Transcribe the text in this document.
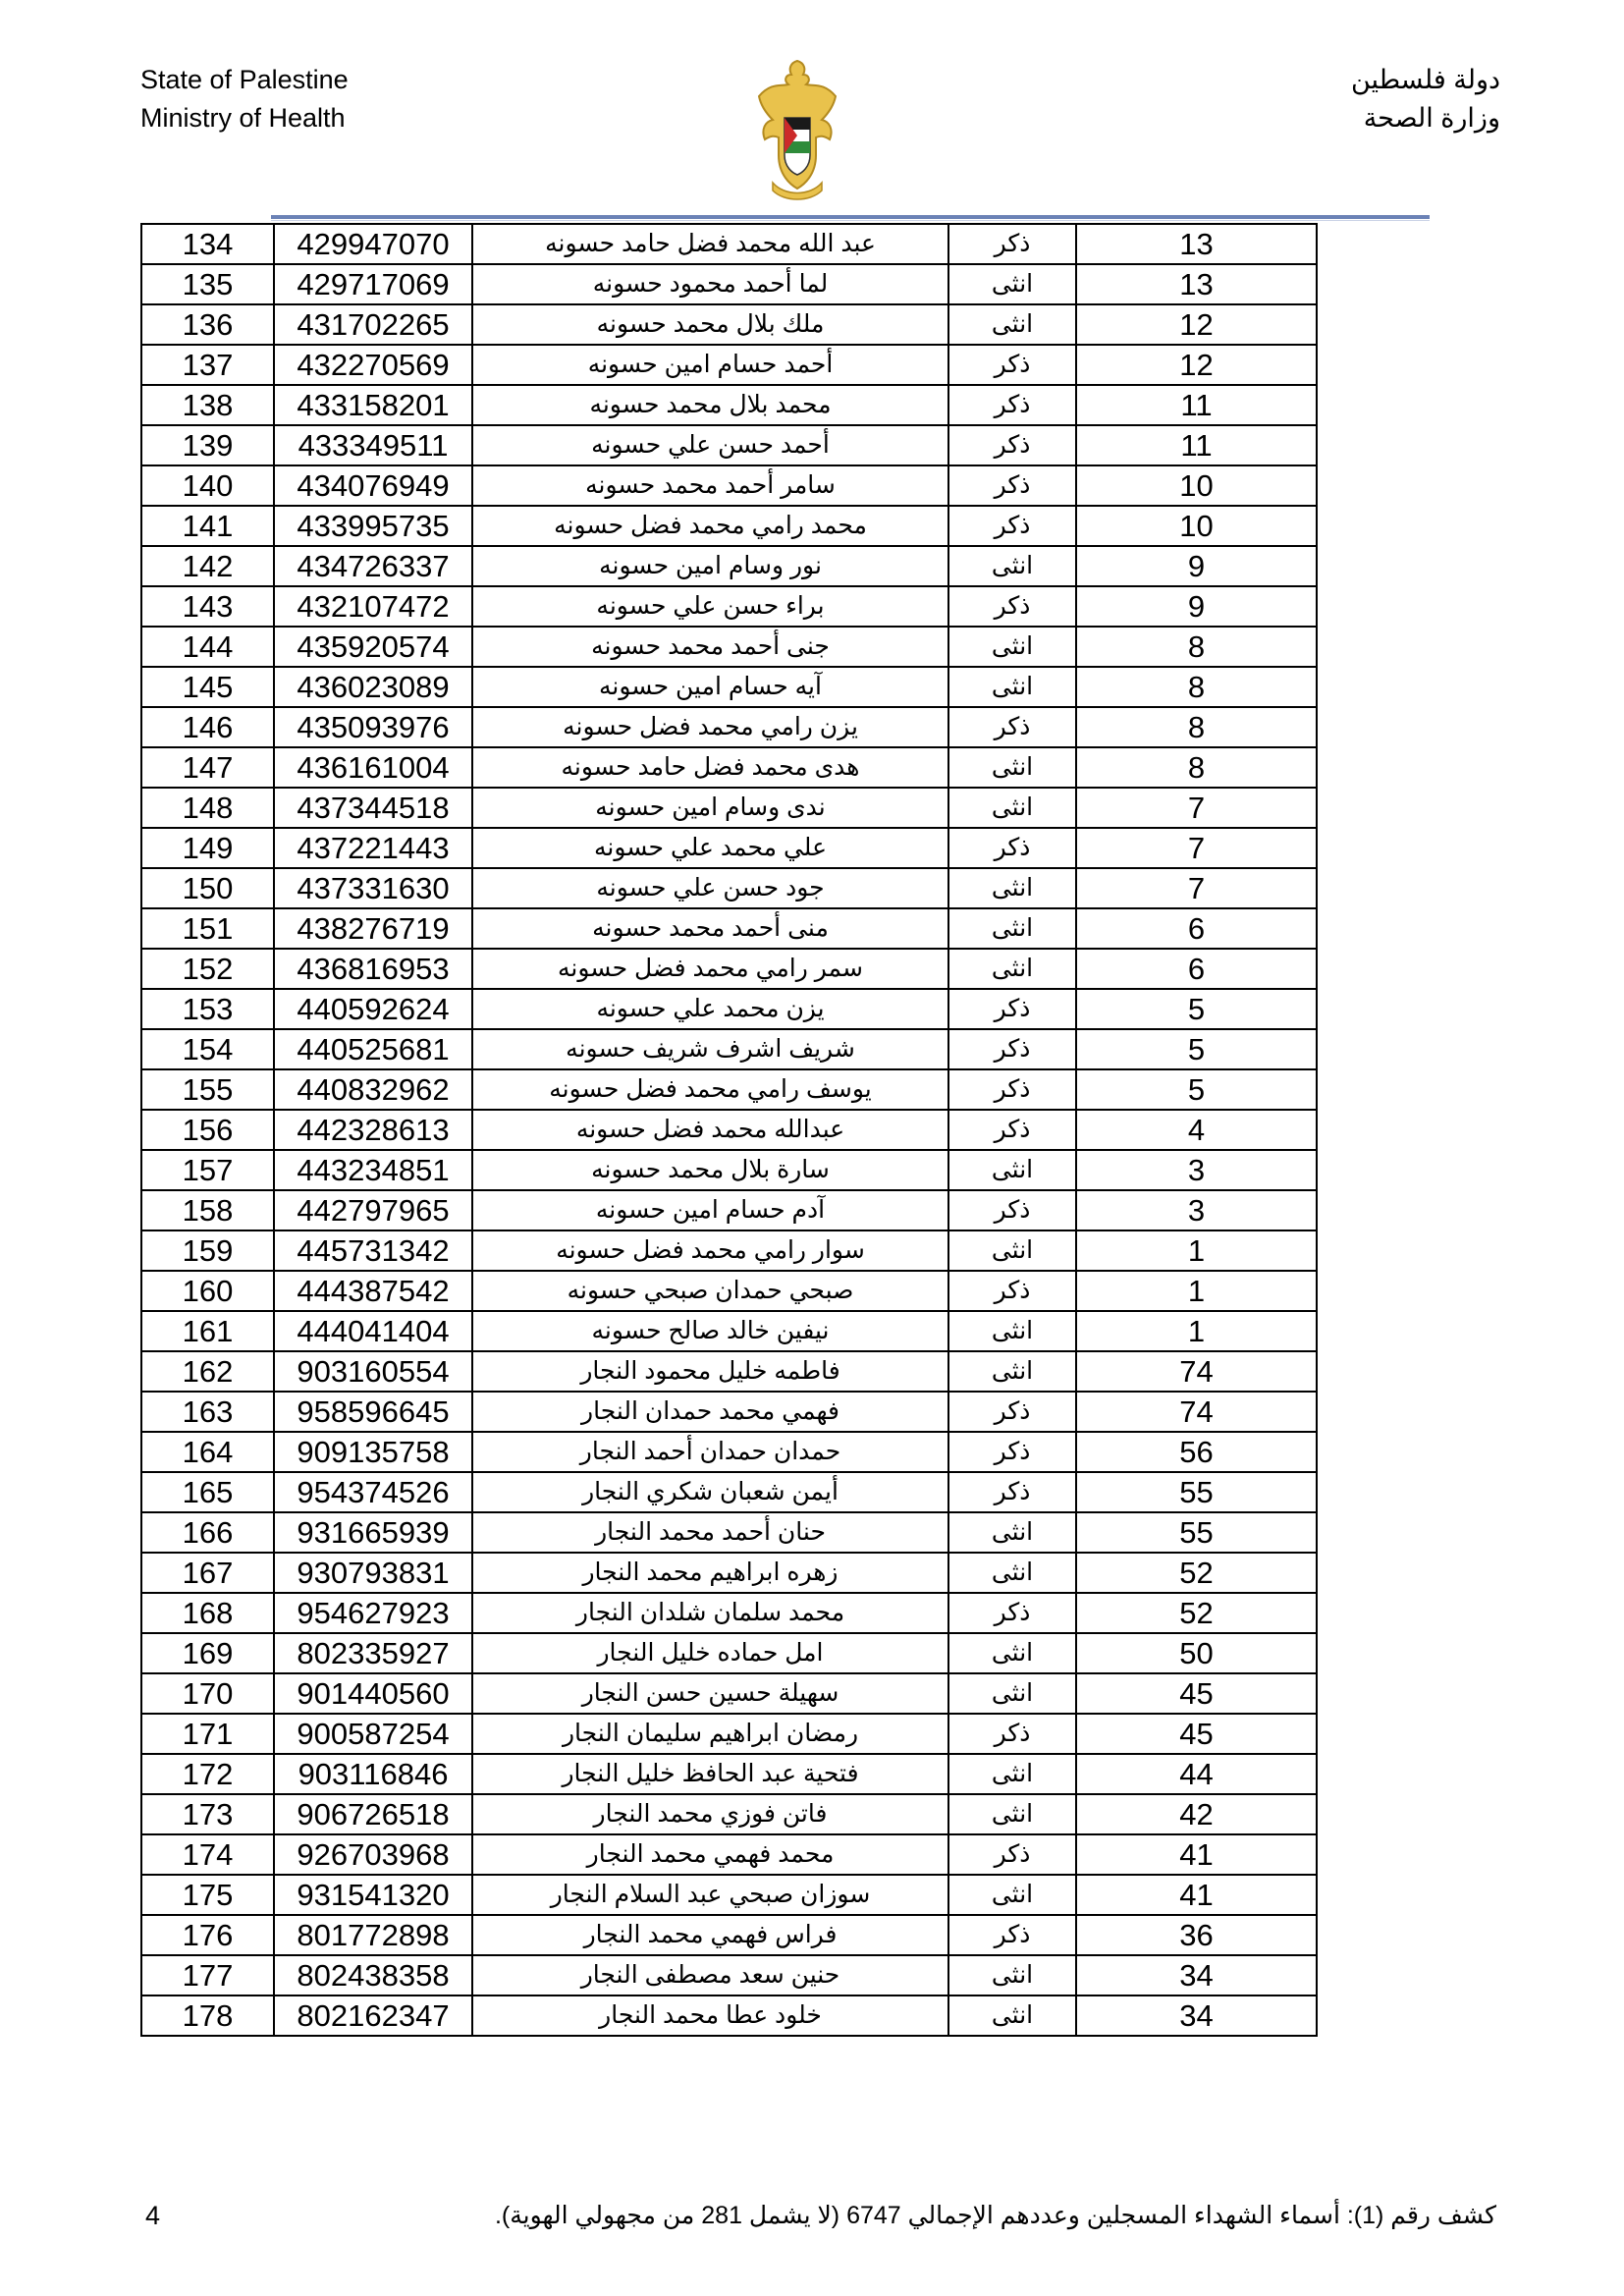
State of Palestine
Ministry of Health
دولة فلسطين
وزارة الصحة
134	429947070	عبد الله محمد فضل حامد حسونه	ذكر	13
135	429717069	لما أحمد محمود حسونه	انثى	13
136	431702265	ملك بلال محمد حسونه	انثى	12
137	432270569	أحمد حسام امين حسونه	ذكر	12
138	433158201	محمد بلال محمد حسونه	ذكر	11
139	433349511	أحمد حسن علي حسونه	ذكر	11
140	434076949	سامر أحمد محمد حسونه	ذكر	10
141	433995735	محمد رامي محمد فضل حسونه	ذكر	10
142	434726337	نور وسام امين حسونه	انثى	9
143	432107472	براء حسن علي حسونه	ذكر	9
144	435920574	جنى أحمد محمد حسونه	انثى	8
145	436023089	آيه حسام امين حسونه	انثى	8
146	435093976	يزن رامي محمد فضل حسونه	ذكر	8
147	436161004	هدى محمد فضل حامد حسونه	انثى	8
148	437344518	ندى وسام امين حسونه	انثى	7
149	437221443	علي محمد علي حسونه	ذكر	7
150	437331630	جود حسن علي حسونه	انثى	7
151	438276719	منى أحمد محمد حسونه	انثى	6
152	436816953	سمر رامي محمد فضل حسونه	انثى	6
153	440592624	يزن محمد علي حسونه	ذكر	5
154	440525681	شريف اشرف شريف حسونه	ذكر	5
155	440832962	يوسف رامي محمد فضل حسونه	ذكر	5
156	442328613	عبدالله محمد فضل حسونه	ذكر	4
157	443234851	سارة بلال محمد حسونه	انثى	3
158	442797965	آدم حسام امين حسونه	ذكر	3
159	445731342	سوار رامي محمد فضل حسونه	انثى	1
160	444387542	صبحي حمدان صبحي حسونه	ذكر	1
161	444041404	نيفين خالد صالح حسونه	انثى	1
162	903160554	فاطمه خليل محمود النجار	انثى	74
163	958596645	فهمي محمد حمدان النجار	ذكر	74
164	909135758	حمدان حمدان أحمد النجار	ذكر	56
165	954374526	أيمن شعبان شكري النجار	ذكر	55
166	931665939	حنان أحمد محمد النجار	انثى	55
167	930793831	زهره ابراهيم محمد النجار	انثى	52
168	954627923	محمد سلمان شلدان النجار	ذكر	52
169	802335927	امل حماده خليل النجار	انثى	50
170	901440560	سهيلة حسين حسن النجار	انثى	45
171	900587254	رمضان ابراهيم سليمان النجار	ذكر	45
172	903116846	فتحية عبد الحافظ خليل النجار	انثى	44
173	906726518	فاتن فوزي محمد النجار	انثى	42
174	926703968	محمد فهمي محمد النجار	ذكر	41
175	931541320	سوزان صبحي عبد السلام النجار	انثى	41
176	801772898	فراس فهمي محمد النجار	ذكر	36
177	802438358	حنين سعد مصطفى النجار	انثى	34
178	802162347	خلود عطا محمد النجار	انثى	34
4	كشف رقم (1): أسماء الشهداء المسجلين وعددهم الإجمالي 6747 (لا يشمل 281 من مجهولي الهوية).
